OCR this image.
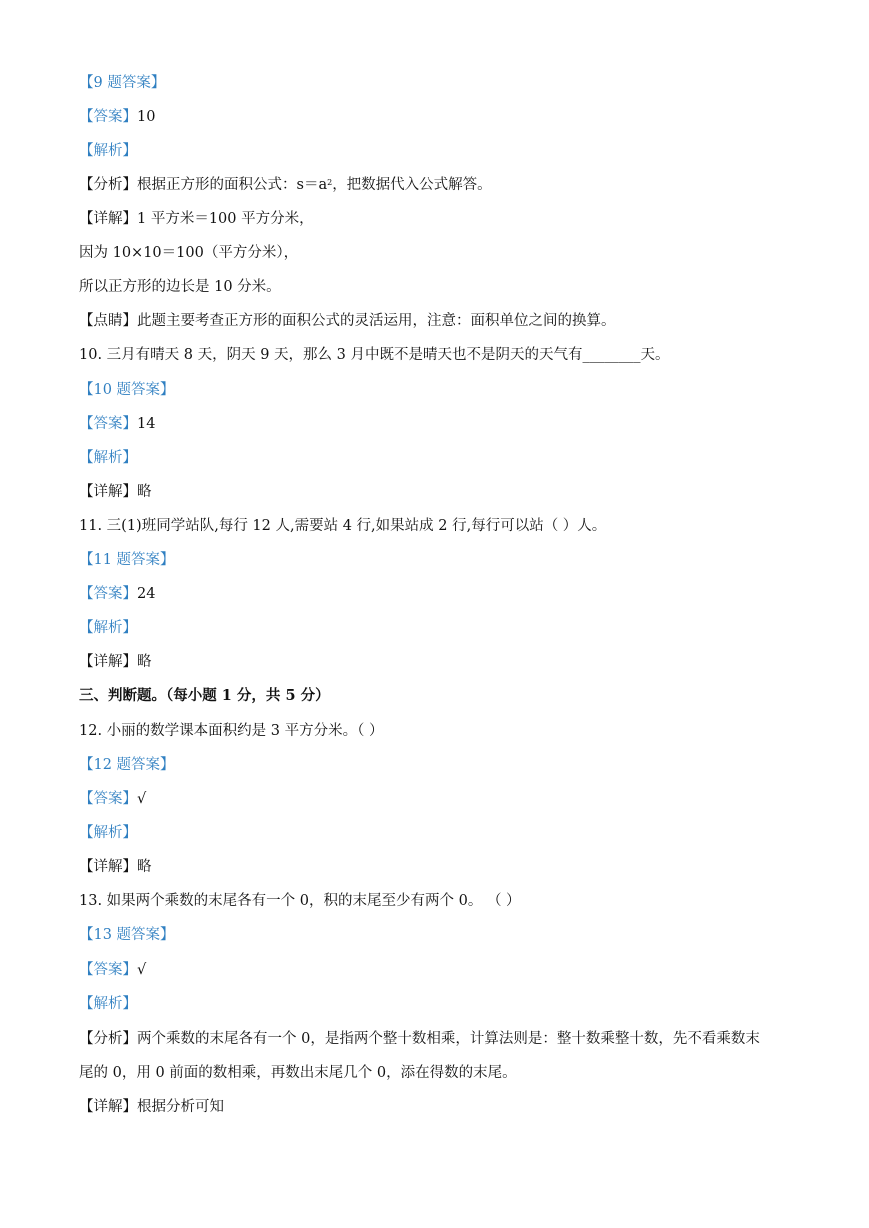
【9 题答案】
【答案】10
【解析】
【分析】根据正方形的面积公式：$s=a^2$，把数据代入公式解答。
【详解】1 平方米＝100 平方分米，
因为 10×10＝100（平方分米），
所以正方形的边长是 10 分米。
【点睛】此题主要考查正方形的面积公式的灵活运用，注意：面积单位之间的换算。
10. 三月有晴天 8 天，阴天 9 天，那么 3 月中既不是晴天也不是阴天的天气有________天。
【10 题答案】
【答案】14
【解析】
【详解】略
11. 三(1)班同学站队,每行 12 人,需要站 4 行,如果站成 2 行,每行可以站（ ）人。
【11 题答案】
【答案】24
【解析】
【详解】略
三、判断题。（每小题 1 分，共 5 分）
12. 小丽的数学课本面积约是 3 平方分米。（ ）
【12 题答案】
【答案】√
【解析】
【详解】略
13. 如果两个乘数的末尾各有一个 0，积的末尾至少有两个 0。 （ ）
【13 题答案】
【答案】√
【解析】
【分析】两个乘数的末尾各有一个 0，是指两个整十数相乘，计算法则是：整十数乘整十数，先不看乘数末
尾的 0，用 0 前面的数相乘，再数出末尾几个 0，添在得数的末尾。
【详解】根据分析可知
